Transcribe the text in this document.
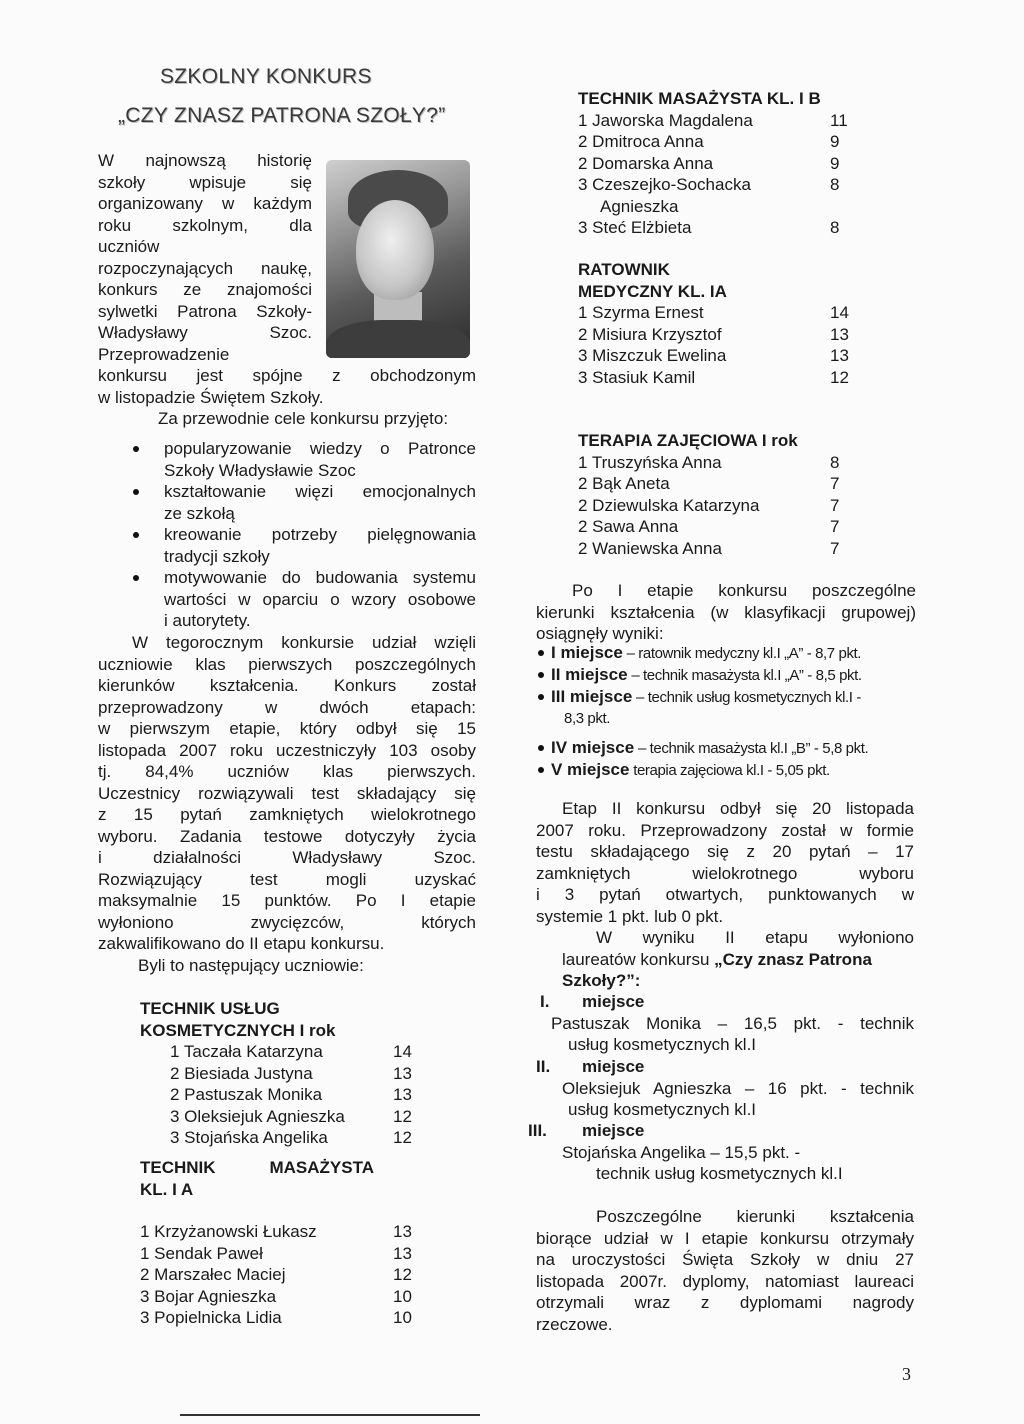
SZKOLNY KONKURS
„CZY ZNASZ PATRONA SZOŁY?”
W najnowszą historię
szkoły wpisuje się
organizowany w każdym
roku szkolnym, dla
uczniów
rozpoczynających naukę,
konkurs ze znajomości
sylwetki Patrona Szkoły-
Władysławy Szoc.
Przeprowadzenie
konkursu jest spójne z obchodzonym
w listopadzie Świętem Szkoły.
Za przewodnie cele konkursu przyjęto:
popularyzowanie wiedzy o Patronce
Szkoły Władysławie Szoc
kształtowanie więzi emocjonalnych
ze szkołą
kreowanie potrzeby pielęgnowania
tradycji szkoły
motywowanie do budowania systemu
wartości w oparciu o wzory osobowe
i autorytety.
W tegorocznym konkursie udział wzięli
uczniowie klas pierwszych poszczególnych
kierunków kształcenia. Konkurs został
przeprowadzony w dwóch etapach:
w pierwszym etapie, który odbył się 15
listopada 2007 roku uczestniczyły 103 osoby
tj. 84,4% uczniów klas pierwszych.
Uczestnicy rozwiązywali test składający się
z 15 pytań zamkniętych wielokrotnego
wyboru. Zadania testowe dotyczyły życia
i działalności Władysławy Szoc.
Rozwiązujący test mogli uzyskać
maksymalnie 15 punktów. Po I etapie
wyłoniono zwycięzców, których
zakwalifikowano do II etapu konkursu.
Byli to następujący uczniowie:
TECHNIK USŁUG
KOSMETYCZNYCH I rok
1 Taczała Katarzyna	14
2 Biesiada Justyna	13
2 Pastuszak Monika	13
3 Oleksiejuk Agnieszka	12
3 Stojańska Angelika	12
TECHNIK MASAŻYSTA
KL. I A
1 Krzyżanowski Łukasz	13
1 Sendak Paweł	13
2 Marszałec Maciej	12
3 Bojar Agnieszka	10
3 Popielnicka Lidia	10
TECHNIK MASAŻYSTA KL. I B
1 Jaworska Magdalena	11
2 Dmitroca Anna	9
2 Domarska Anna	9
3 Czeszejko-Sochacka	8
Agnieszka
3 Steć Elżbieta	8
RATOWNIK
MEDYCZNY KL. IA
1 Szyrma Ernest	14
2 Misiura Krzysztof	13
3 Miszczuk Ewelina	13
3 Stasiuk Kamil	12
TERAPIA ZAJĘCIOWA I rok
1 Truszyńska Anna	8
2 Bąk Aneta	7
2 Dziewulska Katarzyna	7
2 Sawa Anna	7
2 Waniewska Anna	7
Po I etapie konkursu poszczególne
kierunki kształcenia (w klasyfikacji grupowej)
osiągnęły wyniki:
I miejsce – ratownik medyczny kl.I „A” - 8,7 pkt.
II miejsce – technik masażysta kl.I „A” - 8,5 pkt.
III miejsce – technik usług kosmetycznych kl.I -
8,3 pkt.
IV miejsce – technik masażysta kl.I „B” - 5,8 pkt.
V miejsce terapia zajęciowa kl.I - 5,05 pkt.
Etap II konkursu odbył się 20 listopada
2007 roku. Przeprowadzony został w formie
testu składającego się z 20 pytań – 17
zamkniętych wielokrotnego wyboru
i 3 pytań otwartych, punktowanych w
systemie 1 pkt. lub 0 pkt.
W wyniku II etapu wyłoniono
laureatów konkursu „Czy znasz Patrona
Szkoły?”:
I. miejsce
Pastuszak Monika – 16,5 pkt. - technik
usług kosmetycznych kl.I
II. miejsce
Oleksiejuk Agnieszka – 16 pkt. - technik
usług kosmetycznych kl.I
III. miejsce
Stojańska Angelika – 15,5 pkt. -
technik usług kosmetycznych kl.I
Poszczególne kierunki kształcenia
biorące udział w I etapie konkursu otrzymały
na uroczystości Święta Szkoły w dniu 27
listopada 2007r. dyplomy, natomiast laureaci
otrzymali wraz z dyplomami nagrody
rzeczowe.
3
